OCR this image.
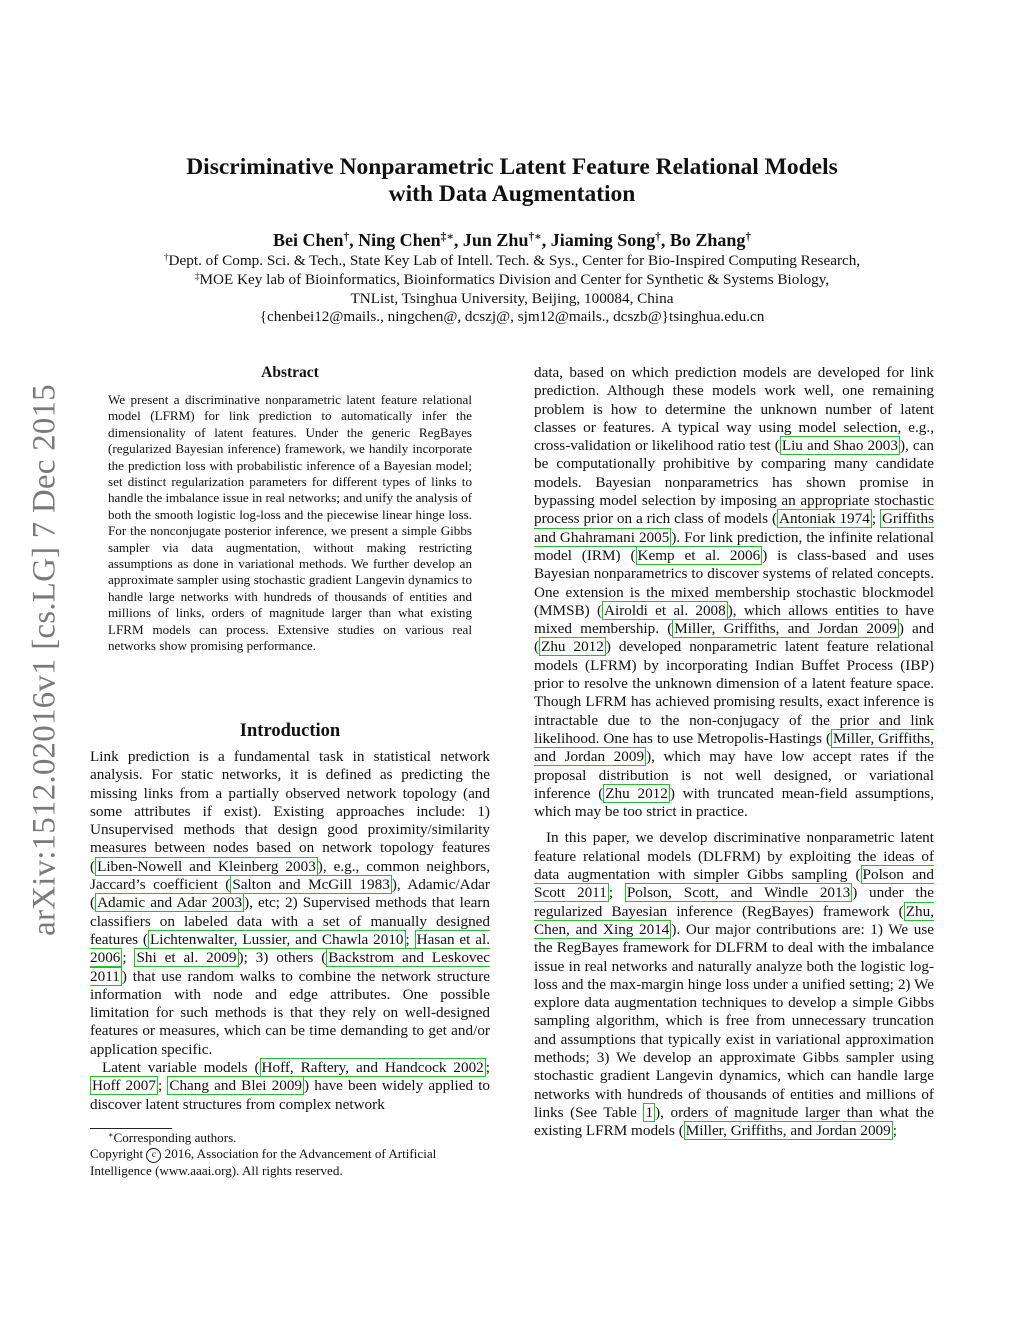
arXiv:1512.02016v1 [cs.LG] 7 Dec 2015
Discriminative Nonparametric Latent Feature Relational Models
with Data Augmentation
Bei Chen†, Ning Chen‡∗, Jun Zhu†∗, Jiaming Song†, Bo Zhang†
†Dept. of Comp. Sci. & Tech., State Key Lab of Intell. Tech. & Sys., Center for Bio-Inspired Computing Research,
‡MOE Key lab of Bioinformatics, Bioinformatics Division and Center for Synthetic & Systems Biology,
TNList, Tsinghua University, Beijing, 100084, China
{chenbei12@mails., ningchen@, dcszj@, sjm12@mails., dcszb@}tsinghua.edu.cn
Abstract

We present a discriminative nonparametric latent feature relational model (LFRM) for link prediction to automatically infer the dimensionality of latent features. Under the generic RegBayes (regularized Bayesian inference) framework, we handily incorporate the prediction loss with probabilistic inference of a Bayesian model; set distinct regularization parameters for different types of links to handle the imbalance issue in real networks; and unify the analysis of both the smooth logistic log-loss and the piecewise linear hinge loss. For the nonconjugate posterior inference, we present a simple Gibbs sampler via data augmentation, without making restricting assumptions as done in variational methods. We further develop an approximate sampler using stochastic gradient Langevin dynamics to handle large networks with hundreds of thousands of entities and millions of links, orders of magnitude larger than what existing LFRM models can process. Extensive studies on various real networks show promising performance.

Introduction

Link prediction is a fundamental task in statistical network analysis. For static networks, it is defined as predicting the missing links from a partially observed network topology (and some attributes if exist). Existing approaches include: 1) Unsupervised methods that design good proximity/similarity measures between nodes based on network topology features ( Liben-Nowell and Kleinberg 2003 ), e.g., common neighbors, Jaccard’s coefficient ( Salton and McGill 1983 ), Adamic/Adar ( Adamic and Adar 2003 ), etc; 2) Supervised methods that learn classifiers on labeled data with a set of manually designed features ( Lichtenwalter, Lussier, and Chawla 2010 ; Hasan et al. 2006 ; Shi et al. 2009 ); 3) others ( Backstrom and Leskovec 2011 ) that use random walks to combine the network structure information with node and edge attributes. One possible limitation for such methods is that they rely on well-designed features or measures, which can be time demanding to get and/or application specific.

Latent variable models ( Hoff, Raftery, and Handcock 2002 ; Hoff 2007 ; Chang and Blei 2009 ) have been widely applied to discover latent structures from complex network

∗Corresponding authors.

Copyright c 2016, Association for the Advancement of Artificial Intelligence (www.aaai.org). All rights reserved.

data, based on which prediction models are developed for link prediction. Although these models work well, one remaining problem is how to determine the unknown number of latent classes or features. A typical way using model selection, e.g., cross-validation or likelihood ratio test ( Liu and Shao 2003 ), can be computationally prohibitive by comparing many candidate models. Bayesian nonparametrics has shown promise in bypassing model selection by imposing an appropriate stochastic process prior on a rich class of models ( Antoniak 1974 ; Griffiths and Ghahramani 2005 ). For link prediction, the infinite relational model (IRM) ( Kemp et al. 2006 ) is class-based and uses Bayesian nonparametrics to discover systems of related concepts. One extension is the mixed membership stochastic blockmodel (MMSB) ( Airoldi et al. 2008 ), which allows entities to have mixed membership. ( Miller, Griffiths, and Jordan 2009 ) and ( Zhu 2012 ) developed nonparametric latent feature relational models (LFRM) by incorporating Indian Buffet Process (IBP) prior to resolve the unknown dimension of a latent feature space. Though LFRM has achieved promising results, exact inference is intractable due to the non-conjugacy of the prior and link likelihood. One has to use Metropolis-Hastings ( Miller, Griffiths, and Jordan 2009 ), which may have low accept rates if the proposal distribution is not well designed, or variational inference ( Zhu 2012 ) with truncated mean-field assumptions, which may be too strict in practice.

In this paper, we develop discriminative nonparametric latent feature relational models (DLFRM) by exploiting the ideas of data augmentation with simpler Gibbs sampling ( Polson and Scott 2011 ; Polson, Scott, and Windle 2013 ) under the regularized Bayesian inference (RegBayes) framework ( Zhu, Chen, and Xing 2014 ). Our major contributions are: 1) We use the RegBayes framework for DLFRM to deal with the imbalance issue in real networks and naturally analyze both the logistic log-loss and the max-margin hinge loss under a unified setting; 2) We explore data augmentation techniques to develop a simple Gibbs sampling algorithm, which is free from unnecessary truncation and assumptions that typically exist in variational approximation methods; 3) We develop an approximate Gibbs sampler using stochastic gradient Langevin dynamics, which can handle large networks with hundreds of thousands of entities and millions of links (See Table 1 ), orders of magnitude larger than what the existing LFRM models ( Miller, Griffiths, and Jordan 2009 ;
